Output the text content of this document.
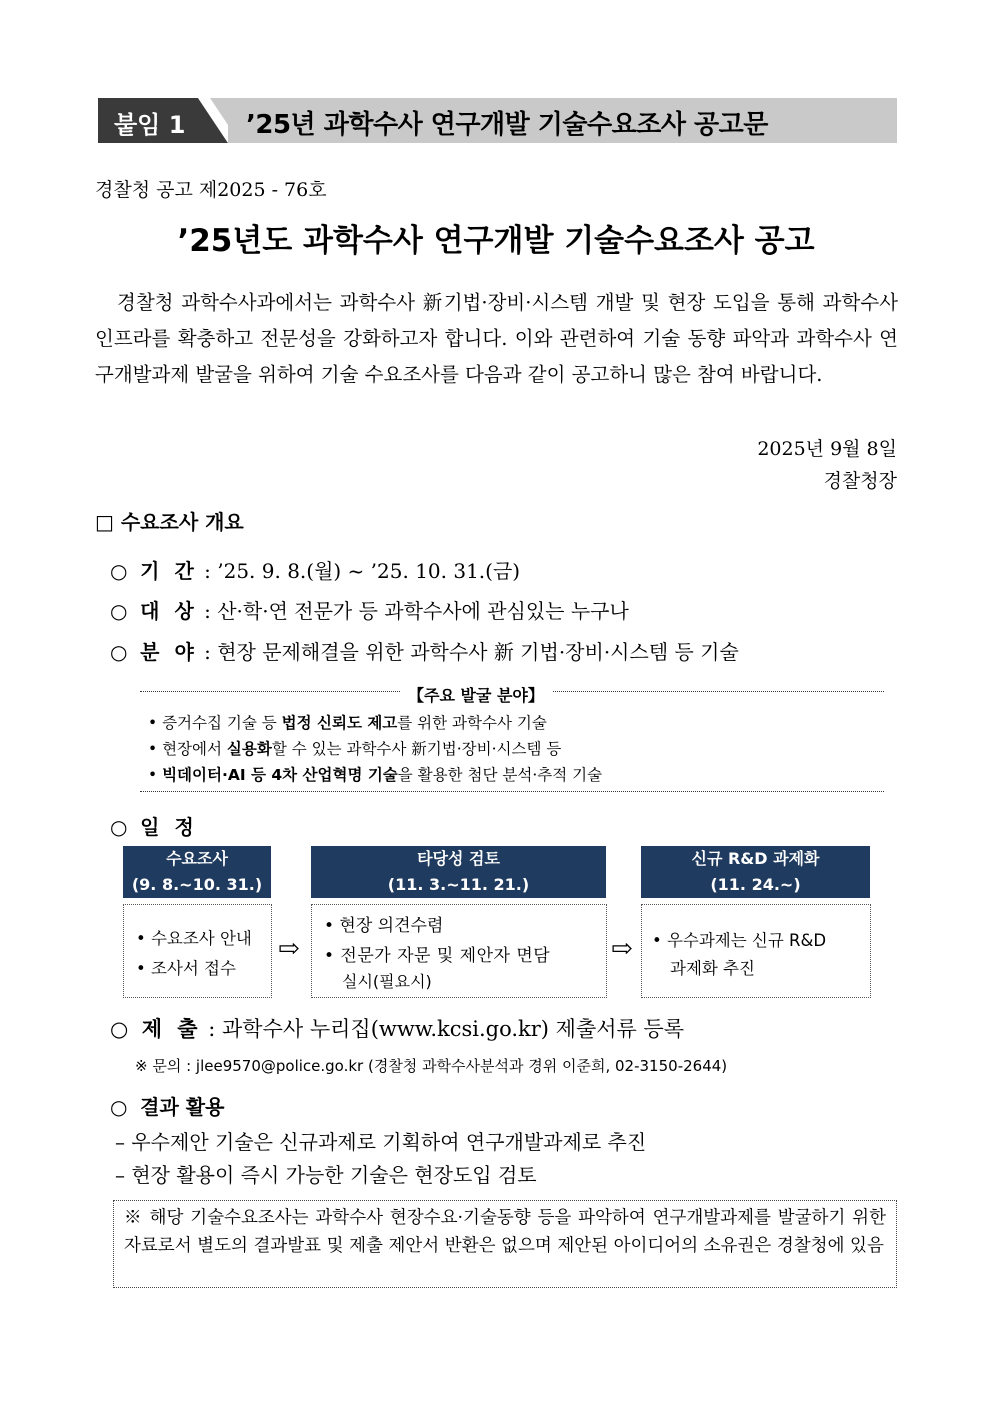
붙임 1 ’25년 과학수사 연구개발 기술수요조사 공고문
경찰청 공고 제2025 - 76호
’25년도 과학수사 연구개발 기술수요조사 공고
경찰청 과학수사과에서는 과학수사 新기법·장비·시스템 개발 및 현장 도입을 통해 과학수사 인프라를 확충하고 전문성을 강화하고자 합니다. 이와 관련하여 기술 동향 파악과 과학수사 연구개발과제 발굴을 위하여 기술 수요조사를 다음과 같이 공고하니 많은 참여 바랍니다.
2025년 9월 8일
경찰청장
□ 수요조사 개요
○ 기 간 : ’25. 9. 8.(월) ~ ’25. 10. 31.(금)
○ 대 상 : 산·학·연 전문가 등 과학수사에 관심있는 누구나
○ 분 야 : 현장 문제해결을 위한 과학수사 新 기법·장비·시스템 등 기술
【주요 발굴 분야】
• 증거수집 기술 등 법정 신뢰도 제고를 위한 과학수사 기술
• 현장에서 실용화할 수 있는 과학수사 新기법·장비·시스템 등
• 빅데이터·AI 등 4차 산업혁명 기술을 활용한 첨단 분석·추적 기술
○ 일 정
수요조사
(9. 8.~10. 31.)
• 수요조사 안내
• 조사서 접수
⇨
타당성 검토
(11. 3.~11. 21.)
• 현장 의견수렴
• 전문가 자문 및 제안자 면담
실시(필요시)
⇨
신규 R&D 과제화
(11. 24.~)
• 우수과제는 신규 R&D
과제화 추진
○ 제 출 : 과학수사 누리집(www.kcsi.go.kr) 제출서류 등록
※ 문의 : jlee9570@police.go.kr (경찰청 과학수사분석과 경위 이준희, 02-3150-2644)
○ 결과 활용
– 우수제안 기술은 신규과제로 기획하여 연구개발과제로 추진
– 현장 활용이 즉시 가능한 기술은 현장도입 검토
※ 해당 기술수요조사는 과학수사 현장수요·기술동향 등을 파악하여 연구개발과제를 발굴하기 위한 자료로서 별도의 결과발표 및 제출 제안서 반환은 없으며 제안된 아이디어의 소유권은 경찰청에 있음
